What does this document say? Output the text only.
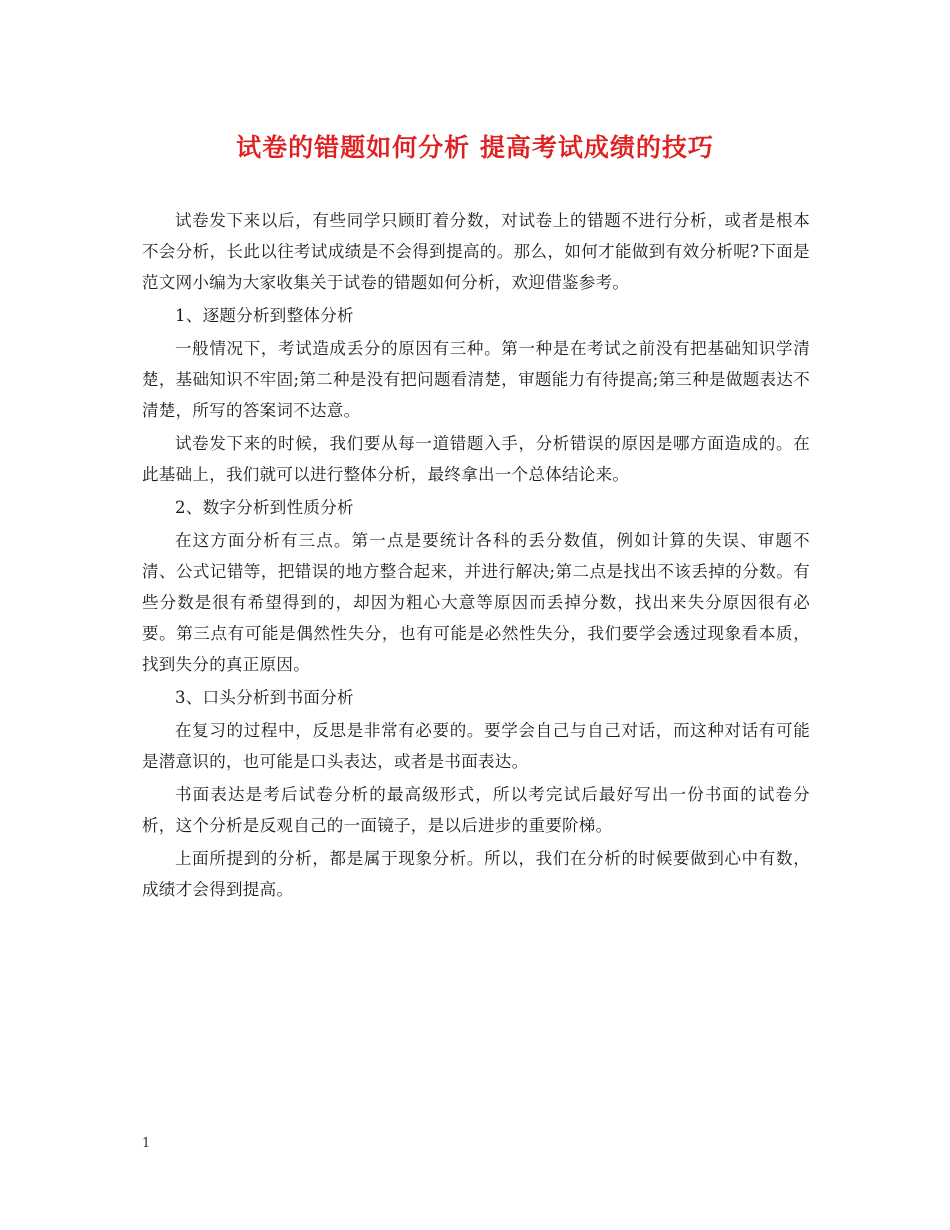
试卷的错题如何分析 提高考试成绩的技巧

试卷发下来以后，有些同学只顾盯着分数，对试卷上的错题不进行分析，或者是根本不会分析，长此以往考试成绩是不会得到提高的。那么，如何才能做到有效分析呢?下面是范文网小编为大家收集关于试卷的错题如何分析，欢迎借鉴参考。

1、逐题分析到整体分析

一般情况下，考试造成丢分的原因有三种。第一种是在考试之前没有把基础知识学清楚，基础知识不牢固;第二种是没有把问题看清楚，审题能力有待提高;第三种是做题表达不清楚，所写的答案词不达意。

试卷发下来的时候，我们要从每一道错题入手，分析错误的原因是哪方面造成的。在此基础上，我们就可以进行整体分析，最终拿出一个总体结论来。

2、数字分析到性质分析

在这方面分析有三点。第一点是要统计各科的丢分数值，例如计算的失误、审题不清、公式记错等，把错误的地方整合起来，并进行解决;第二点是找出不该丢掉的分数。有些分数是很有希望得到的，却因为粗心大意等原因而丢掉分数，找出来失分原因很有必要。第三点有可能是偶然性失分，也有可能是必然性失分，我们要学会透过现象看本质，找到失分的真正原因。

3、口头分析到书面分析

在复习的过程中，反思是非常有必要的。要学会自己与自己对话，而这种对话有可能是潜意识的，也可能是口头表达，或者是书面表达。

书面表达是考后试卷分析的最高级形式，所以考完试后最好写出一份书面的试卷分析，这个分析是反观自己的一面镜子，是以后进步的重要阶梯。

上面所提到的分析，都是属于现象分析。所以，我们在分析的时候要做到心中有数，成绩才会得到提高。

1
